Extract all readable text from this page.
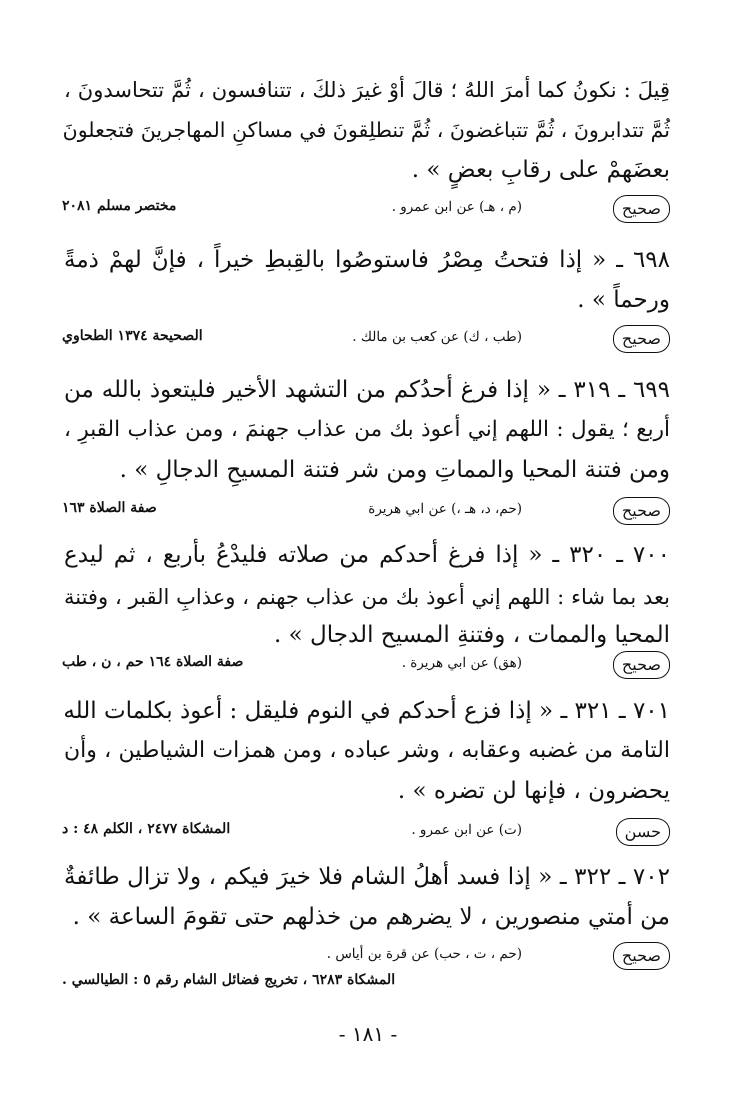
قِيلَ : نكونُ كما أمرَ اللهُ ؛ قالَ أوْ غيرَ ذلكَ ، تتنافسون ، ثُمَّ تتحاسدونَ ،
ثُمَّ تتدابرونَ ، ثُمَّ تتباغضونَ ، ثُمَّ تنطلِقونَ في مساكنِ المهاجرينَ فتجعلونَ
بعضَهمْ على رقابِ بعضٍ » .
صحيح
(م ، هـ) عن ابن عمرو .
مختصر مسلم ٢٠٨١
٦٩٨ ـ « إذا فتحتُ مِصْرُ فاستوصُوا بالقِبطِ خيراً ، فإنَّ لهمْ ذمةً
ورحماً » .
صحيح
(طب ، ك) عن كعب بن مالك .
الصحيحة ١٣٧٤ الطحاوي
٦٩٩ ـ ٣١٩ ـ « إذا فرغ أحدُكم من التشهد الأخير فليتعوذ بالله من
أربع ؛ يقول : اللهم إني أعوذ بك من عذاب جهنمَ ، ومن عذاب القبرِ ،
ومن فتنة المحيا والمماتِ ومن شر فتنة المسيحِ الدجالِ » .
صحيح
(حم، د، هـ ،) عن ابي هريرة
صفة الصلاة ١٦٣
٧٠٠ ـ ٣٢٠ ـ « إذا فرغ أحدكم من صلاته فليدْعُ بأربع ، ثم ليدع
بعد بما شاء : اللهم إني أعوذ بك من عذاب جهنم ، وعذابِ القبر ، وفتنة
المحيا والممات ، وفتنةِ المسيح الدجال » .
صحيح
(هق) عن ابي هريرة .
صفة الصلاة ١٦٤ حم ، ن ، طب
٧٠١ ـ ٣٢١ ـ « إذا فزع أحدكم في النوم فليقل : أعوذ بكلمات الله
التامة من غضبه وعقابه ، وشر عباده ، ومن همزات الشياطين ، وأن
يحضرون ، فإنها لن تضره » .
حسن
(ت) عن ابن عمرو .
المشكاة ٢٤٧٧ ، الكلم ٤٨ : د
٧٠٢ ـ ٣٢٢ ـ « إذا فسد أهلُ الشام فلا خيرَ فيكم ، ولا تزال طائفةٌ
من أمتي منصورين ، لا يضرهم من خذلهم حتى تقومَ الساعة » .
صحيح
(حم ، ت ، حب) عن قرة بن أياس .
المشكاة ٦٢٨٣ ، تخريج فضائل الشام رقم ٥ : الطيالسي .
- ١٨١ -
